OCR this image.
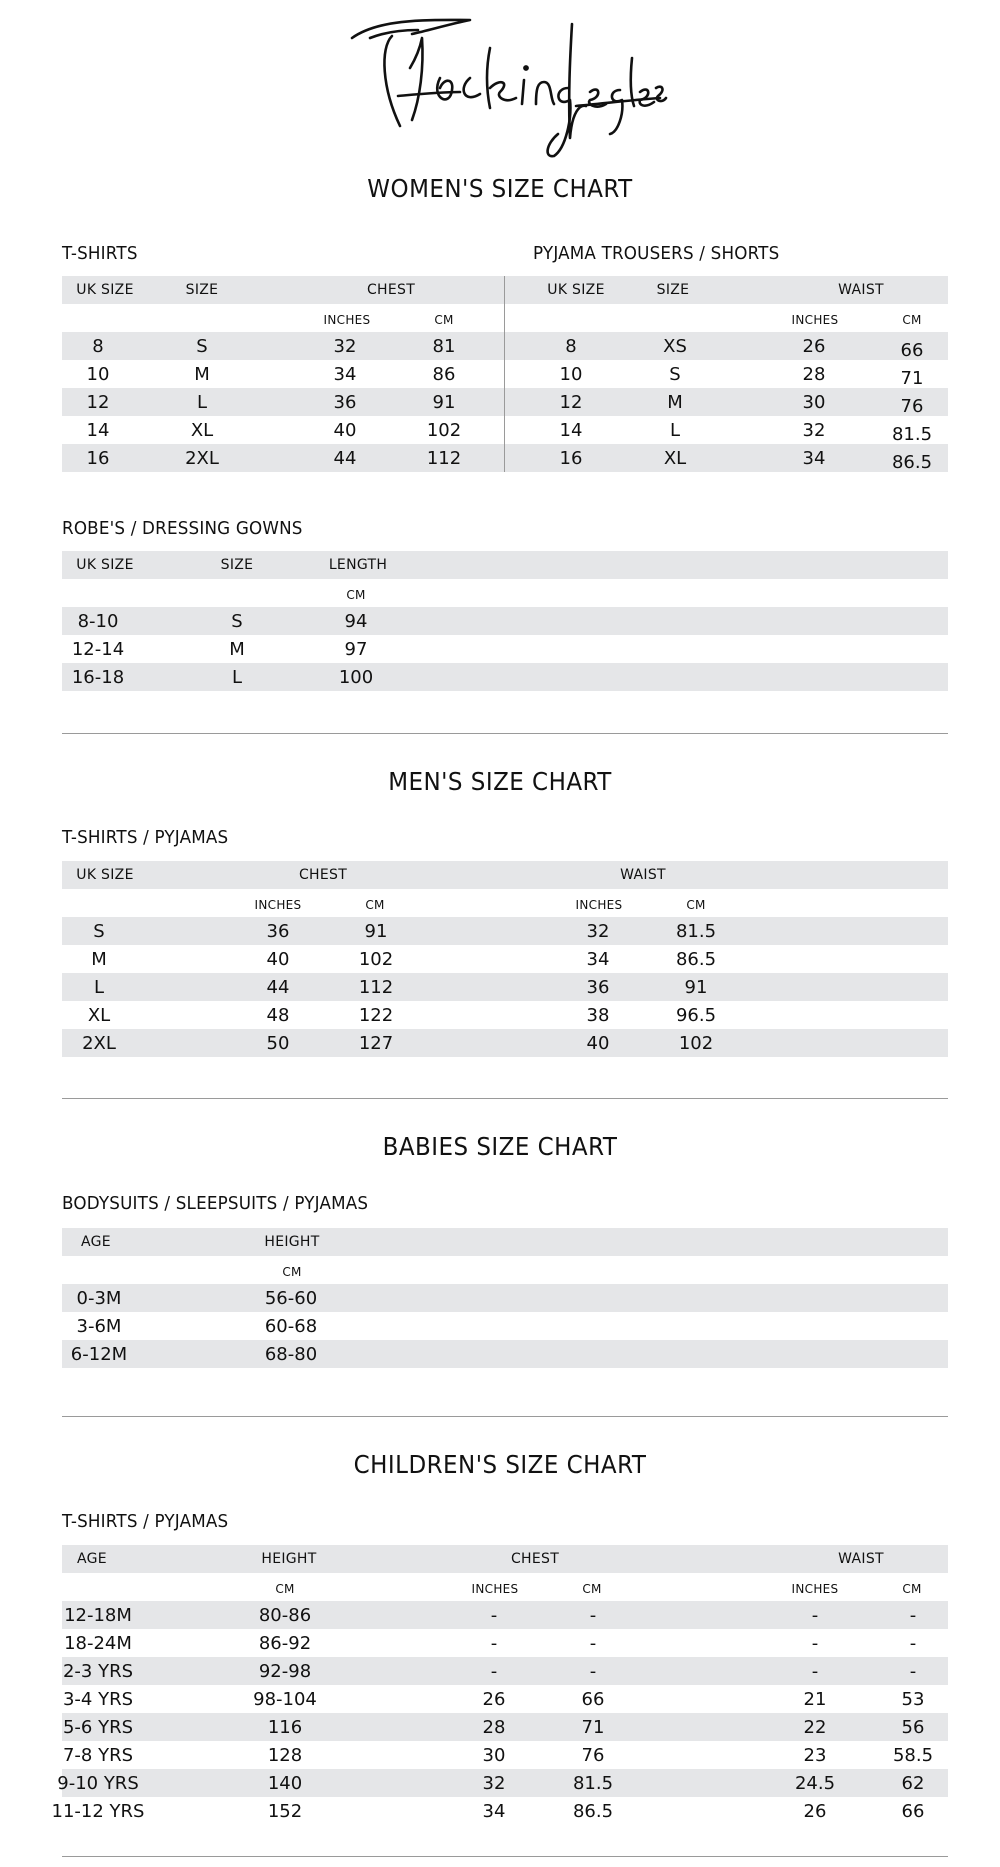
WOMEN'S SIZE CHART
T-SHIRTS	PYJAMA TROUSERS / SHORTS
UK SIZE	SIZE	CHEST
INCHES	CM
8	S	32	81
10	M	34	86
12	L	36	91
14	XL	40	102
16	2XL	44	112
UK SIZE	SIZE	WAIST
INCHES	CM
8	XS	26	66
10	S	28	71
12	M	30	76
14	L	32	81.5
16	XL	34	86.5
ROBE'S / DRESSING GOWNS
UK SIZE	SIZE	LENGTH
CM
8-10	S	94
12-14	M	97
16-18	L	100
MEN'S SIZE CHART
T-SHIRTS / PYJAMAS
UK SIZE	CHEST	WAIST
INCHES	CM	INCHES	CM
S	36	91	32	81.5
M	40	102	34	86.5
L	44	112	36	91
XL	48	122	38	96.5
2XL	50	127	40	102
BABIES SIZE CHART
BODYSUITS / SLEEPSUITS / PYJAMAS
AGE	HEIGHT
CM
0-3M	56-60
3-6M	60-68
6-12M	68-80
CHILDREN'S SIZE CHART
T-SHIRTS / PYJAMAS
AGE	HEIGHT	CHEST	WAIST
CM	INCHES	CM	INCHES	CM
12-18M	80-86	-	-	-	-
18-24M	86-92	-	-	-	-
2-3 YRS	92-98	-	-	-	-
3-4 YRS	98-104	26	66	21	53
5-6 YRS	116	28	71	22	56
7-8 YRS	128	30	76	23	58.5
9-10 YRS	140	32	81.5	24.5	62
11-12 YRS	152	34	86.5	26	66
